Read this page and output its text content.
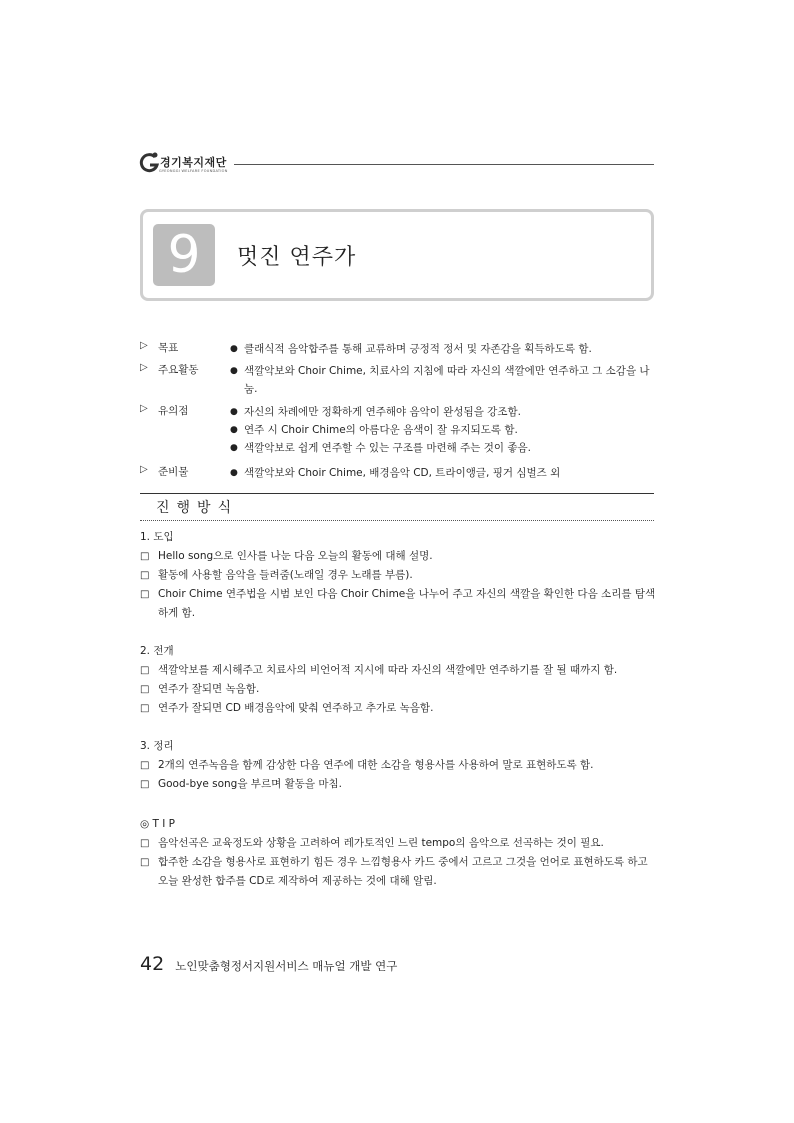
경기복지재단
GYEONGGI WELFARE FOUNDATION
9	멋진 연주가
▷ 목표	● 클래식적 음악합주를 통해 교류하며 긍정적 정서 및 자존감을 획득하도록 함.
▷ 주요활동	● 색깔악보와 Choir Chime, 치료사의 지침에 따라 자신의 색깔에만 연주하고 그 소감을 나눔.
▷ 유의점	● 자신의 차례에만 정확하게 연주해야 음악이 완성됨을 강조함.
● 연주 시 Choir Chime의 아름다운 음색이 잘 유지되도록 함.
● 색깔악보로 쉽게 연주할 수 있는 구조를 마련해 주는 것이 좋음.
▷ 준비물	● 색깔악보와 Choir Chime, 배경음악 CD, 트라이앵글, 핑거 심벌즈 외
진행방식
1. 도입
□ Hello song으로 인사를 나눈 다음 오늘의 활동에 대해 설명.
□ 활동에 사용할 음악을 들려줌(노래일 경우 노래를 부름).
□ Choir Chime 연주법을 시범 보인 다음 Choir Chime을 나누어 주고 자신의 색깔을 확인한 다음 소리를 탐색하게 함.
2. 전개
□ 색깔악보를 제시해주고 치료사의 비언어적 지시에 따라 자신의 색깔에만 연주하기를 잘 될 때까지 함.
□ 연주가 잘되면 녹음함.
□ 연주가 잘되면 CD 배경음악에 맞춰 연주하고 추가로 녹음함.
3. 정리
□ 2개의 연주녹음을 함께 감상한 다음 연주에 대한 소감을 형용사를 사용하여 말로 표현하도록 함.
□ Good-bye song을 부르며 활동을 마침.
◎ T I P
□ 음악선곡은 교육정도와 상황을 고려하여 레가토적인 느린 tempo의 음악으로 선곡하는 것이 필요.
□ 합주한 소감을 형용사로 표현하기 힘든 경우 느낌형용사 카드 중에서 고르고 그것을 언어로 표현하도록 하고 오늘 완성한 합주를 CD로 제작하여 제공하는 것에 대해 알림.
42 노인맞춤형정서지원서비스 매뉴얼 개발 연구
